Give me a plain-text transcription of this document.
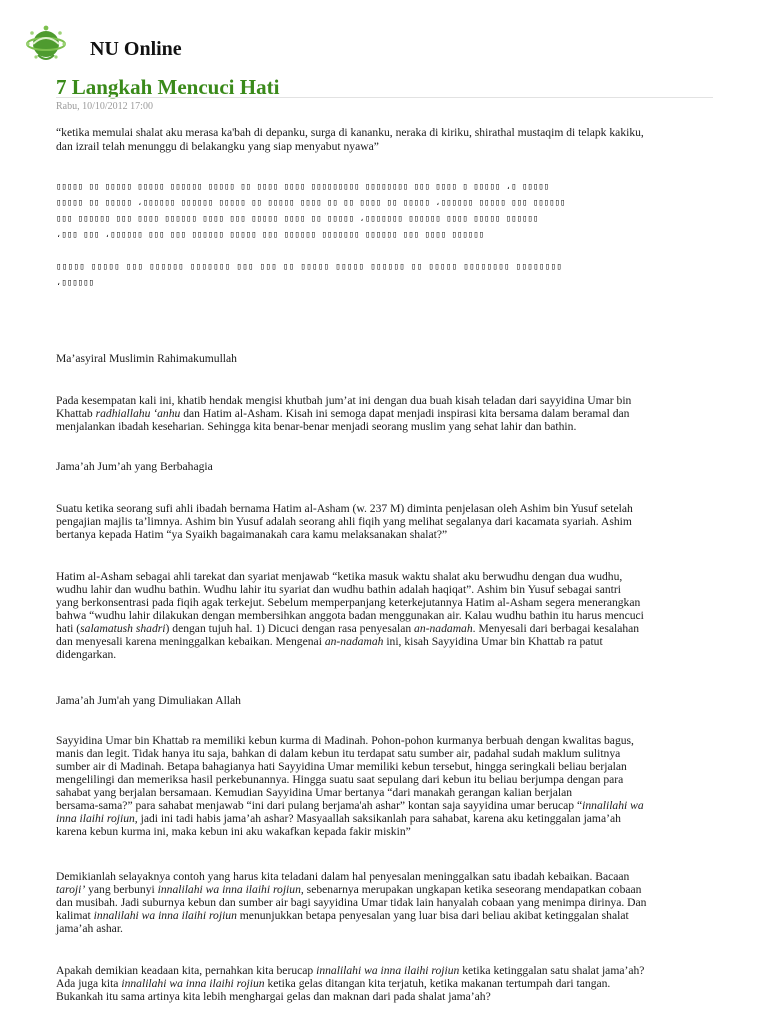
NU Online
7 Langkah Mencuci Hati
Rabu, 10/10/2012 17:00
“ketika memulai shalat aku merasa ka'bah di depanku, surga di kananku, neraka di kiriku, shirathal mustaqim di telapk kakiku,
dan izrail telah menunggu di belakangku yang siap menyabut nyawa”
▯▯▯▯▯ ▯▯ ▯▯▯▯▯ ▯▯▯▯▯ ▯▯▯▯▯▯ ▯▯▯▯▯ ▯▯ ▯▯▯▯ ▯▯▯▯ ▯▯▯▯▯▯▯▯▯ ▯▯▯▯▯▯▯▯ ▯▯▯ ▯▯▯▯ ▯ ▯▯▯▯▯ ،▯ ▯▯▯▯▯
▯▯▯▯▯ ▯▯ ▯▯▯▯▯ ،▯▯▯▯▯▯ ▯▯▯▯▯▯ ▯▯▯▯▯ ▯▯ ▯▯▯▯▯ ▯▯▯▯ ▯▯ ▯▯ ▯▯▯▯ ▯▯ ▯▯▯▯▯ ،▯▯▯▯▯▯ ▯▯▯▯▯ ▯▯▯ ▯▯▯▯▯▯
▯▯▯ ▯▯▯▯▯▯ ▯▯▯ ▯▯▯▯ ▯▯▯▯▯▯ ▯▯▯▯ ▯▯▯ ▯▯▯▯▯ ▯▯▯▯ ▯▯ ▯▯▯▯▯ ،▯▯▯▯▯▯▯ ▯▯▯▯▯▯ ▯▯▯▯ ▯▯▯▯▯ ▯▯▯▯▯▯
،▯▯▯ ▯▯▯ ،▯▯▯▯▯▯ ▯▯▯ ▯▯▯ ▯▯▯▯▯▯ ▯▯▯▯▯ ▯▯▯ ▯▯▯▯▯▯ ▯▯▯▯▯▯▯ ▯▯▯▯▯▯ ▯▯▯ ▯▯▯▯ ▯▯▯▯▯▯
▯▯▯▯▯ ▯▯▯▯▯ ▯▯▯ ▯▯▯▯▯▯ ▯▯▯▯▯▯▯ ▯▯▯ ▯▯▯ ▯▯ ▯▯▯▯▯ ▯▯▯▯▯ ▯▯▯▯▯▯ ▯▯ ▯▯▯▯▯ ▯▯▯▯▯▯▯▯ ▯▯▯▯▯▯▯▯
،▯▯▯▯▯▯
Ma’asyiral Muslimin Rahimakumullah
Pada kesempatan kali ini, khatib hendak mengisi khutbah jum’at ini dengan dua buah kisah teladan dari sayyidina Umar bin
Khattab radhiallahu ‘anhu dan Hatim al-Asham. Kisah ini semoga dapat menjadi inspirasi kita bersama dalam beramal dan
menjalankan ibadah keseharian. Sehingga kita benar-benar menjadi seorang muslim yang sehat lahir dan bathin.
Jama’ah Jum’ah yang Berbahagia
Suatu ketika seorang sufi ahli ibadah bernama Hatim al-Asham (w. 237 M) diminta penjelasan oleh Ashim bin Yusuf setelah
pengajian majlis ta’limnya. Ashim bin Yusuf adalah seorang ahli fiqih yang melihat segalanya dari kacamata syariah. Ashim
bertanya kepada Hatim “ya Syaikh bagaimanakah cara kamu melaksanakan shalat?”
Hatim al-Asham sebagai ahli tarekat dan syariat menjawab “ketika masuk waktu shalat aku berwudhu dengan dua wudhu,
wudhu lahir dan wudhu bathin. Wudhu lahir itu syariat dan wudhu bathin adalah haqiqat”. Ashim bin Yusuf sebagai santri
yang berkonsentrasi pada fiqih agak terkejut. Sebelum memperpanjang keterkejutannya Hatim al-Asham segera menerangkan
bahwa “wudhu lahir dilakukan dengan membersihkan anggota badan menggunakan air. Kalau wudhu bathin itu harus mencuci
hati (salamatush shadri) dengan tujuh hal. 1) Dicuci dengan rasa penyesalan an-nadamah. Menyesali dari berbagai kesalahan
dan menyesali karena meninggalkan kebaikan. Mengenai an-nadamah ini, kisah Sayyidina Umar bin Khattab ra patut
didengarkan.
Jama’ah Jum'ah yang Dimuliakan Allah
Sayyidina Umar bin Khattab ra memiliki kebun kurma di Madinah. Pohon-pohon kurmanya berbuah dengan kwalitas bagus,
manis dan legit. Tidak hanya itu saja, bahkan di dalam kebun itu terdapat satu sumber air, padahal sudah maklum sulitnya
sumber air di Madinah. Betapa bahagianya hati Sayyidina Umar memiliki kebun tersebut, hingga seringkali beliau berjalan
mengelilingi dan memeriksa hasil perkebunannya. Hingga suatu saat sepulang dari kebun itu beliau berjumpa dengan para
sahabat yang berjalan bersamaan. Kemudian Sayyidina Umar bertanya “dari manakah gerangan kalian berjalan
bersama-sama?” para sahabat menjawab “ini dari pulang berjama'ah ashar” kontan saja sayyidina umar berucap “innalilahi wa
inna ilaihi rojiun, jadi ini tadi habis jama’ah ashar? Masyaallah saksikanlah para sahabat, karena aku ketinggalan jama’ah
karena kebun kurma ini, maka kebun ini aku wakafkan kepada fakir miskin”
Demikianlah selayaknya contoh yang harus kita teladani dalam hal penyesalan meninggalkan satu ibadah kebaikan. Bacaan
taroji’ yang berbunyi innalilahi wa inna ilaihi rojiun, sebenarnya merupakan ungkapan ketika seseorang mendapatkan cobaan
dan musibah. Jadi suburnya kebun dan sumber air bagi sayyidina Umar tidak lain hanyalah cobaan yang menimpa dirinya. Dan
kalimat innalilahi wa inna ilaihi rojiun menunjukkan betapa penyesalan yang luar bisa dari beliau akibat ketinggalan shalat
jama’ah ashar.
Apakah demikian keadaan kita, pernahkan kita berucap innalilahi wa inna ilaihi rojiun ketika ketinggalan satu shalat jama’ah?
Ada juga kita innalilahi wa inna ilaihi rojiun ketika gelas ditangan kita terjatuh, ketika makanan tertumpah dari tangan.
Bukankah itu sama artinya kita lebih menghargai gelas dan maknan dari pada shalat jama’ah?
